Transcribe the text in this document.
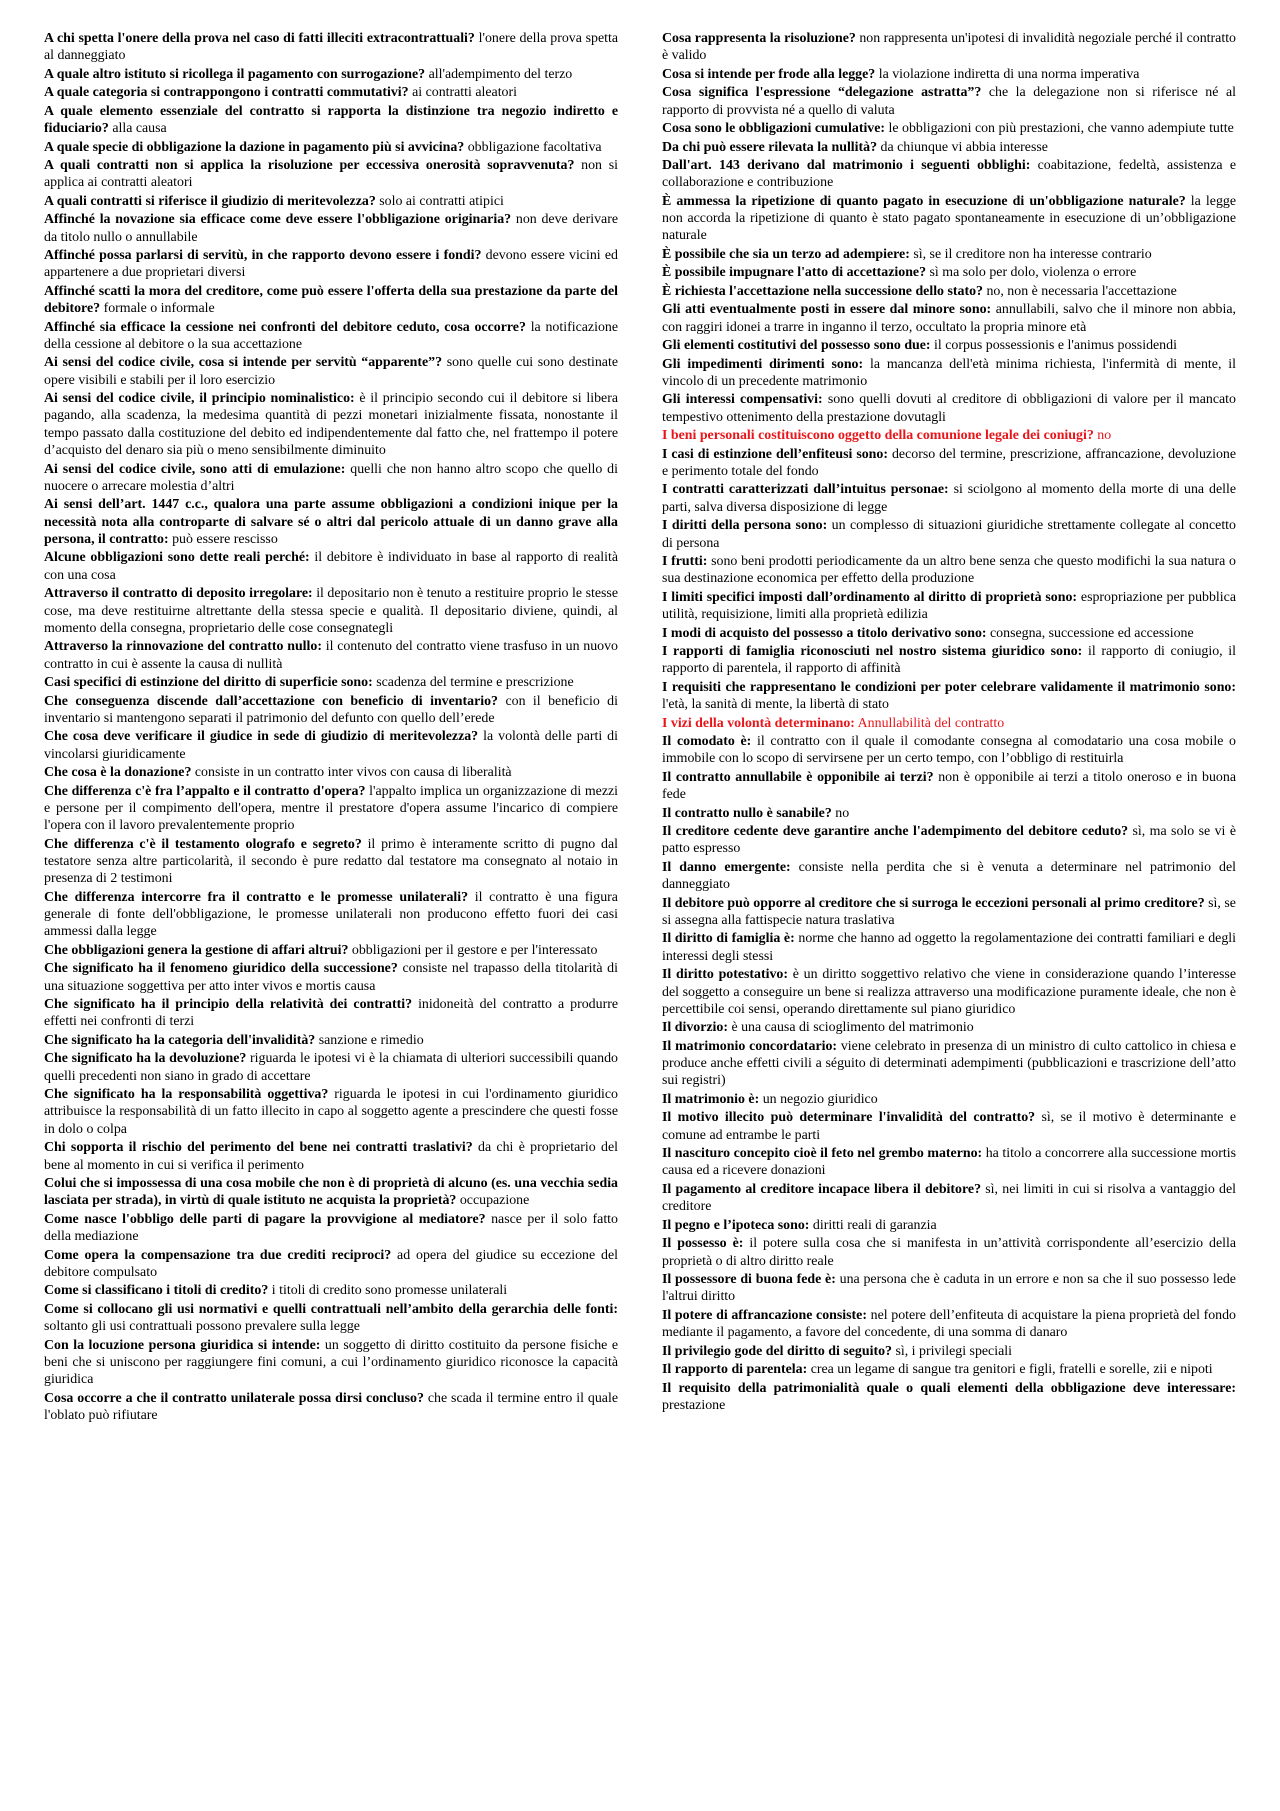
A chi spetta l'onere della prova nel caso di fatti illeciti extracontrattuali? l'onere della prova spetta al danneggiato

A quale altro istituto si ricollega il pagamento con surrogazione? all'adempimento del terzo

A quale categoria si contrappongono i contratti commutativi? ai contratti aleatori

A quale elemento essenziale del contratto si rapporta la distinzione tra negozio indiretto e fiduciario? alla causa

A quale specie di obbligazione la dazione in pagamento più si avvicina? obbligazione facoltativa

A quali contratti non si applica la risoluzione per eccessiva onerosità sopravvenuta? non si applica ai contratti aleatori

A quali contratti si riferisce il giudizio di meritevolezza? solo ai contratti atipici

Affinché la novazione sia efficace come deve essere l'obbligazione originaria? non deve derivare da titolo nullo o annullabile

Affinché possa parlarsi di servitù, in che rapporto devono essere i fondi? devono essere vicini ed appartenere a due proprietari diversi

Affinché scatti la mora del creditore, come può essere l'offerta della sua prestazione da parte del debitore? formale o informale

Affinché sia efficace la cessione nei confronti del debitore ceduto, cosa occorre? la notificazione della cessione al debitore o la sua accettazione

Ai sensi del codice civile, cosa si intende per servitù “apparente”? sono quelle cui sono destinate opere visibili e stabili per il loro esercizio

Ai sensi del codice civile, il principio nominalistico: è il principio secondo cui il debitore si libera pagando, alla scadenza, la medesima quantità di pezzi monetari inizialmente fissata, nonostante il tempo passato dalla costituzione del debito ed indipendentemente dal fatto che, nel frattempo il potere d’acquisto del denaro sia più o meno sensibilmente diminuito

Ai sensi del codice civile, sono atti di emulazione: quelli che non hanno altro scopo che quello di nuocere o arrecare molestia d’altri

Ai sensi dell’art. 1447 c.c., qualora una parte assume obbligazioni a condizioni inique per la necessità nota alla controparte di salvare sé o altri dal pericolo attuale di un danno grave alla persona, il contratto: può essere rescisso

Alcune obbligazioni sono dette reali perché: il debitore è individuato in base al rapporto di realità con una cosa

Attraverso il contratto di deposito irregolare: il depositario non è tenuto a restituire proprio le stesse cose, ma deve restituirne altrettante della stessa specie e qualità. Il depositario diviene, quindi, al momento della consegna, proprietario delle cose consegnategli

Attraverso la rinnovazione del contratto nullo: il contenuto del contratto viene trasfuso in un nuovo contratto in cui è assente la causa di nullità

Casi specifici di estinzione del diritto di superficie sono: scadenza del termine e prescrizione

Che conseguenza discende dall’accettazione con beneficio di inventario? con il beneficio di inventario si mantengono separati il patrimonio del defunto con quello dell’erede

Che cosa deve verificare il giudice in sede di giudizio di meritevolezza? la volontà delle parti di vincolarsi giuridicamente

Che cosa è la donazione? consiste in un contratto inter vivos con causa di liberalità

Che differenza c'è fra l’appalto e il contratto d'opera? l'appalto implica un organizzazione di mezzi e persone per il compimento dell'opera, mentre il prestatore d'opera assume l'incarico di compiere l'opera con il lavoro prevalentemente proprio

Che differenza c'è il testamento olografo e segreto? il primo è interamente scritto di pugno dal testatore senza altre particolarità, il secondo è pure redatto dal testatore ma consegnato al notaio in presenza di 2 testimoni

Che differenza intercorre fra il contratto e le promesse unilaterali? il contratto è una figura generale di fonte dell'obbligazione, le promesse unilaterali non producono effetto fuori dei casi ammessi dalla legge

Che obbligazioni genera la gestione di affari altrui? obbligazioni per il gestore e per l'interessato

Che significato ha il fenomeno giuridico della successione? consiste nel trapasso della titolarità di una situazione soggettiva per atto inter vivos e mortis causa

Che significato ha il principio della relatività dei contratti? inidoneità del contratto a produrre effetti nei confronti di terzi

Che significato ha la categoria dell'invalidità? sanzione e rimedio

Che significato ha la devoluzione? riguarda le ipotesi vi è la chiamata di ulteriori successibili quando quelli precedenti non siano in grado di accettare

Che significato ha la responsabilità oggettiva? riguarda le ipotesi in cui l'ordinamento giuridico attribuisce la responsabilità di un fatto illecito in capo al soggetto agente a prescindere che questi fosse in dolo o colpa

Chi sopporta il rischio del perimento del bene nei contratti traslativi? da chi è proprietario del bene al momento in cui si verifica il perimento

Colui che si impossessa di una cosa mobile che non è di proprietà di alcuno (es. una vecchia sedia lasciata per strada), in virtù di quale istituto ne acquista la proprietà? occupazione

Come nasce l'obbligo delle parti di pagare la provvigione al mediatore? nasce per il solo fatto della mediazione

Come opera la compensazione tra due crediti reciproci? ad opera del giudice su eccezione del debitore compulsato

Come si classificano i titoli di credito? i titoli di credito sono promesse unilaterali

Come si collocano gli usi normativi e quelli contrattuali nell’ambito della gerarchia delle fonti: soltanto gli usi contrattuali possono prevalere sulla legge

Con la locuzione persona giuridica si intende: un soggetto di diritto costituito da persone fisiche e beni che si uniscono per raggiungere fini comuni, a cui l’ordinamento giuridico riconosce la capacità giuridica

Cosa occorre a che il contratto unilaterale possa dirsi concluso? che scada il termine entro il quale l'oblato può rifiutare

Cosa rappresenta la risoluzione? non rappresenta un'ipotesi di invalidità negoziale perché il contratto è valido

Cosa si intende per frode alla legge? la violazione indiretta di una norma imperativa

Cosa significa l'espressione “delegazione astratta”? che la delegazione non si riferisce né al rapporto di provvista né a quello di valuta

Cosa sono le obbligazioni cumulative: le obbligazioni con più prestazioni, che vanno adempiute tutte

Da chi può essere rilevata la nullità? da chiunque vi abbia interesse

Dall'art. 143 derivano dal matrimonio i seguenti obblighi: coabitazione, fedeltà, assistenza e collaborazione e contribuzione

È ammessa la ripetizione di quanto pagato in esecuzione di un'obbligazione naturale? la legge non accorda la ripetizione di quanto è stato pagato spontaneamente in esecuzione di un’obbligazione naturale

È possibile che sia un terzo ad adempiere: sì, se il creditore non ha interesse contrario

È possibile impugnare l'atto di accettazione? sì ma solo per dolo, violenza o errore

È richiesta l'accettazione nella successione dello stato? no, non è necessaria l'accettazione

Gli atti eventualmente posti in essere dal minore sono: annullabili, salvo che il minore non abbia, con raggiri idonei a trarre in inganno il terzo, occultato la propria minore età

Gli elementi costitutivi del possesso sono due: il corpus possessionis e l'animus possidendi

Gli impedimenti dirimenti sono: la mancanza dell'età minima richiesta, l'infermità di mente, il vincolo di un precedente matrimonio

Gli interessi compensativi: sono quelli dovuti al creditore di obbligazioni di valore per il mancato tempestivo ottenimento della prestazione dovutagli

I beni personali costituiscono oggetto della comunione legale dei coniugi? no

I casi di estinzione dell’enfiteusi sono: decorso del termine, prescrizione, affrancazione, devoluzione e perimento totale del fondo

I contratti caratterizzati dall’intuitus personae: si sciolgono al momento della morte di una delle parti, salva diversa disposizione di legge

I diritti della persona sono: un complesso di situazioni giuridiche strettamente collegate al concetto di persona

I frutti: sono beni prodotti periodicamente da un altro bene senza che questo modifichi la sua natura o sua destinazione economica per effetto della produzione

I limiti specifici imposti dall’ordinamento al diritto di proprietà sono: espropriazione per pubblica utilità, requisizione, limiti alla proprietà edilizia

I modi di acquisto del possesso a titolo derivativo sono: consegna, successione ed accessione

I rapporti di famiglia riconosciuti nel nostro sistema giuridico sono: il rapporto di coniugio, il rapporto di parentela, il rapporto di affinità

I requisiti che rappresentano le condizioni per poter celebrare validamente il matrimonio sono: l'età, la sanità di mente, la libertà di stato

I vizi della volontà determinano: Annullabilità del contratto

Il comodato è: il contratto con il quale il comodante consegna al comodatario una cosa mobile o immobile con lo scopo di servirsene per un certo tempo, con l’obbligo di restituirla

Il contratto annullabile è opponibile ai terzi? non è opponibile ai terzi a titolo oneroso e in buona fede

Il contratto nullo è sanabile? no

Il creditore cedente deve garantire anche l'adempimento del debitore ceduto? sì, ma solo se vi è patto espresso

Il danno emergente: consiste nella perdita che si è venuta a determinare nel patrimonio del danneggiato

Il debitore può opporre al creditore che si surroga le eccezioni personali al primo creditore? sì, se si assegna alla fattispecie natura traslativa

Il diritto di famiglia è: norme che hanno ad oggetto la regolamentazione dei contratti familiari e degli interessi degli stessi

Il diritto potestativo: è un diritto soggettivo relativo che viene in considerazione quando l’interesse del soggetto a conseguire un bene si realizza attraverso una modificazione puramente ideale, che non è percettibile coi sensi, operando direttamente sul piano giuridico

Il divorzio: è una causa di scioglimento del matrimonio

Il matrimonio concordatario: viene celebrato in presenza di un ministro di culto cattolico in chiesa e produce anche effetti civili a séguito di determinati adempimenti (pubblicazioni e trascrizione dell’atto sui registri)

Il matrimonio è: un negozio giuridico

Il motivo illecito può determinare l'invalidità del contratto? sì, se il motivo è determinante e comune ad entrambe le parti

Il nascituro concepito cioè il feto nel grembo materno: ha titolo a concorrere alla successione mortis causa ed a ricevere donazioni

Il pagamento al creditore incapace libera il debitore? sì, nei limiti in cui si risolva a vantaggio del creditore

Il pegno e l’ipoteca sono: diritti reali di garanzia

Il possesso è: il potere sulla cosa che si manifesta in un’attività corrispondente all’esercizio della proprietà o di altro diritto reale

Il possessore di buona fede è: una persona che è caduta in un errore e non sa che il suo possesso lede l'altrui diritto

Il potere di affrancazione consiste: nel potere dell’enfiteuta di acquistare la piena proprietà del fondo mediante il pagamento, a favore del concedente, di una somma di danaro

Il privilegio gode del diritto di seguito? sì, i privilegi speciali

Il rapporto di parentela: crea un legame di sangue tra genitori e figli, fratelli e sorelle, zii e nipoti

Il requisito della patrimonialità quale o quali elementi della obbligazione deve interessare: prestazione
